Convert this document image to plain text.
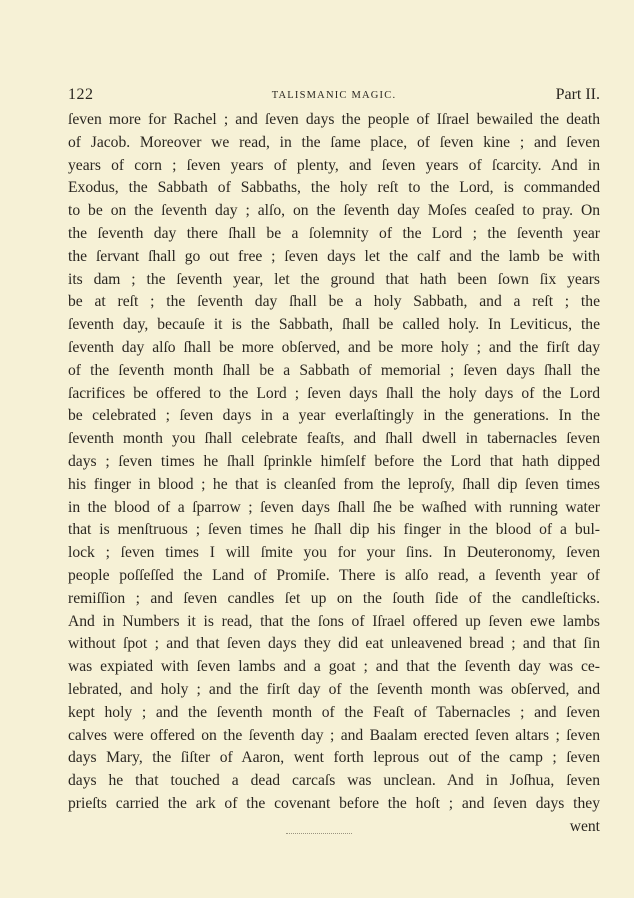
122	TALISMANIC MAGIC.	Part II.
ſeven more for Rachel ; and ſeven days the people of Iſrael bewailed the death
of Jacob. Moreover we read, in the ſame place, of ſeven kine ; and ſeven
years of corn ; ſeven years of plenty, and ſeven years of ſcarcity. And in
Exodus, the Sabbath of Sabbaths, the holy reſt to the Lord, is commanded
to be on the ſeventh day ; alſo, on the ſeventh day Moſes ceaſed to pray. On
the ſeventh day there ſhall be a ſolemnity of the Lord ; the ſeventh year
the ſervant ſhall go out free ; ſeven days let the calf and the lamb be with
its dam ; the ſeventh year, let the ground that hath been ſown ſix years
be at reſt ; the ſeventh day ſhall be a holy Sabbath, and a reſt ; the
ſeventh day, becauſe it is the Sabbath, ſhall be called holy. In Leviticus, the
ſeventh day alſo ſhall be more obſerved, and be more holy ; and the firſt day
of the ſeventh month ſhall be a Sabbath of memorial ; ſeven days ſhall the
ſacrifices be offered to the Lord ; ſeven days ſhall the holy days of the Lord
be celebrated ; ſeven days in a year everlaſtingly in the generations. In the
ſeventh month you ſhall celebrate feaſts, and ſhall dwell in tabernacles ſeven
days ; ſeven times he ſhall ſprinkle himſelf before the Lord that hath dipped
his finger in blood ; he that is cleanſed from the leproſy, ſhall dip ſeven times
in the blood of a ſparrow ; ſeven days ſhall ſhe be waſhed with running water
that is menſtruous ; ſeven times he ſhall dip his finger in the blood of a bul-
lock ; ſeven times I will ſmite you for your ſins. In Deuteronomy, ſeven
people poſſeſſed the Land of Promiſe. There is alſo read, a ſeventh year of
remiſſion ; and ſeven candles ſet up on the ſouth ſide of the candleſticks.
And in Numbers it is read, that the ſons of Iſrael offered up ſeven ewe lambs
without ſpot ; and that ſeven days they did eat unleavened bread ; and that ſin
was expiated with ſeven lambs and a goat ; and that the ſeventh day was ce-
lebrated, and holy ; and the firſt day of the ſeventh month was obſerved, and
kept holy ; and the ſeventh month of the Feaſt of Tabernacles ; and ſeven
calves were offered on the ſeventh day ; and Baalam erected ſeven altars ; ſeven
days Mary, the ſiſter of Aaron, went forth leprous out of the camp ; ſeven
days he that touched a dead carcaſs was unclean. And in Joſhua, ſeven
prieſts carried the ark of the covenant before the hoſt ; and ſeven days they
went
